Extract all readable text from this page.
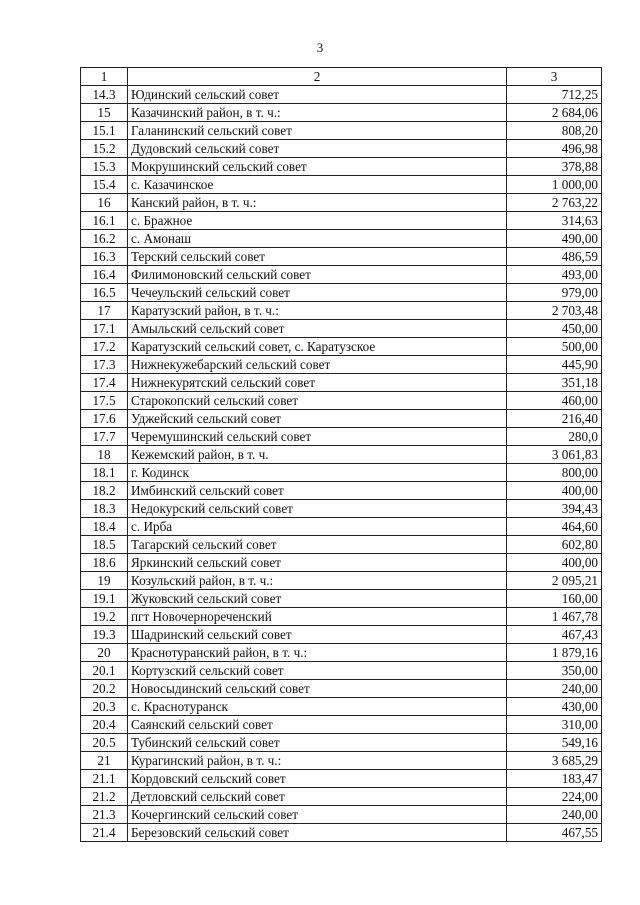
3
1	2	3
14.3	Юдинский сельский совет	712,25
15	Казачинский район, в т. ч.:	2 684,06
15.1	Галанинский сельский совет	808,20
15.2	Дудовский сельский совет	496,98
15.3	Мокрушинский сельский совет	378,88
15.4	с. Казачинское	1 000,00
16	Канский район, в т. ч.:	2 763,22
16.1	с. Бражное	314,63
16.2	с. Амонаш	490,00
16.3	Терский сельский совет	486,59
16.4	Филимоновский сельский совет	493,00
16.5	Чечеульский сельский совет	979,00
17	Каратузский район, в т. ч.:	2 703,48
17.1	Амыльский сельский совет	450,00
17.2	Каратузский сельский совет, с. Каратузское	500,00
17.3	Нижнекужебарский сельский совет	445,90
17.4	Нижнекурятский сельский совет	351,18
17.5	Старокопский сельский совет	460,00
17.6	Уджейский сельский совет	216,40
17.7	Черемушинский сельский совет	280,0
18	Кежемский район, в т. ч.	3 061,83
18.1	г. Кодинск	800,00
18.2	Имбинский сельский совет	400,00
18.3	Недокурский сельский совет	394,43
18.4	с. Ирба	464,60
18.5	Тагарский сельский совет	602,80
18.6	Яркинский сельский совет	400,00
19	Козульский район, в т. ч.:	2 095,21
19.1	Жуковский сельский совет	160,00
19.2	пгт Новочернореченский	1 467,78
19.3	Шадринский сельский совет	467,43
20	Краснотуранский район, в т. ч.:	1 879,16
20.1	Кортузский сельский совет	350,00
20.2	Новосыдинский сельский совет	240,00
20.3	с. Краснотуранск	430,00
20.4	Саянский сельский совет	310,00
20.5	Тубинский сельский совет	549,16
21	Курагинский район, в т. ч.:	3 685,29
21.1	Кордовский сельский совет	183,47
21.2	Детловский сельский совет	224,00
21.3	Кочергинский сельский совет	240,00
21.4	Березовский сельский совет	467,55
